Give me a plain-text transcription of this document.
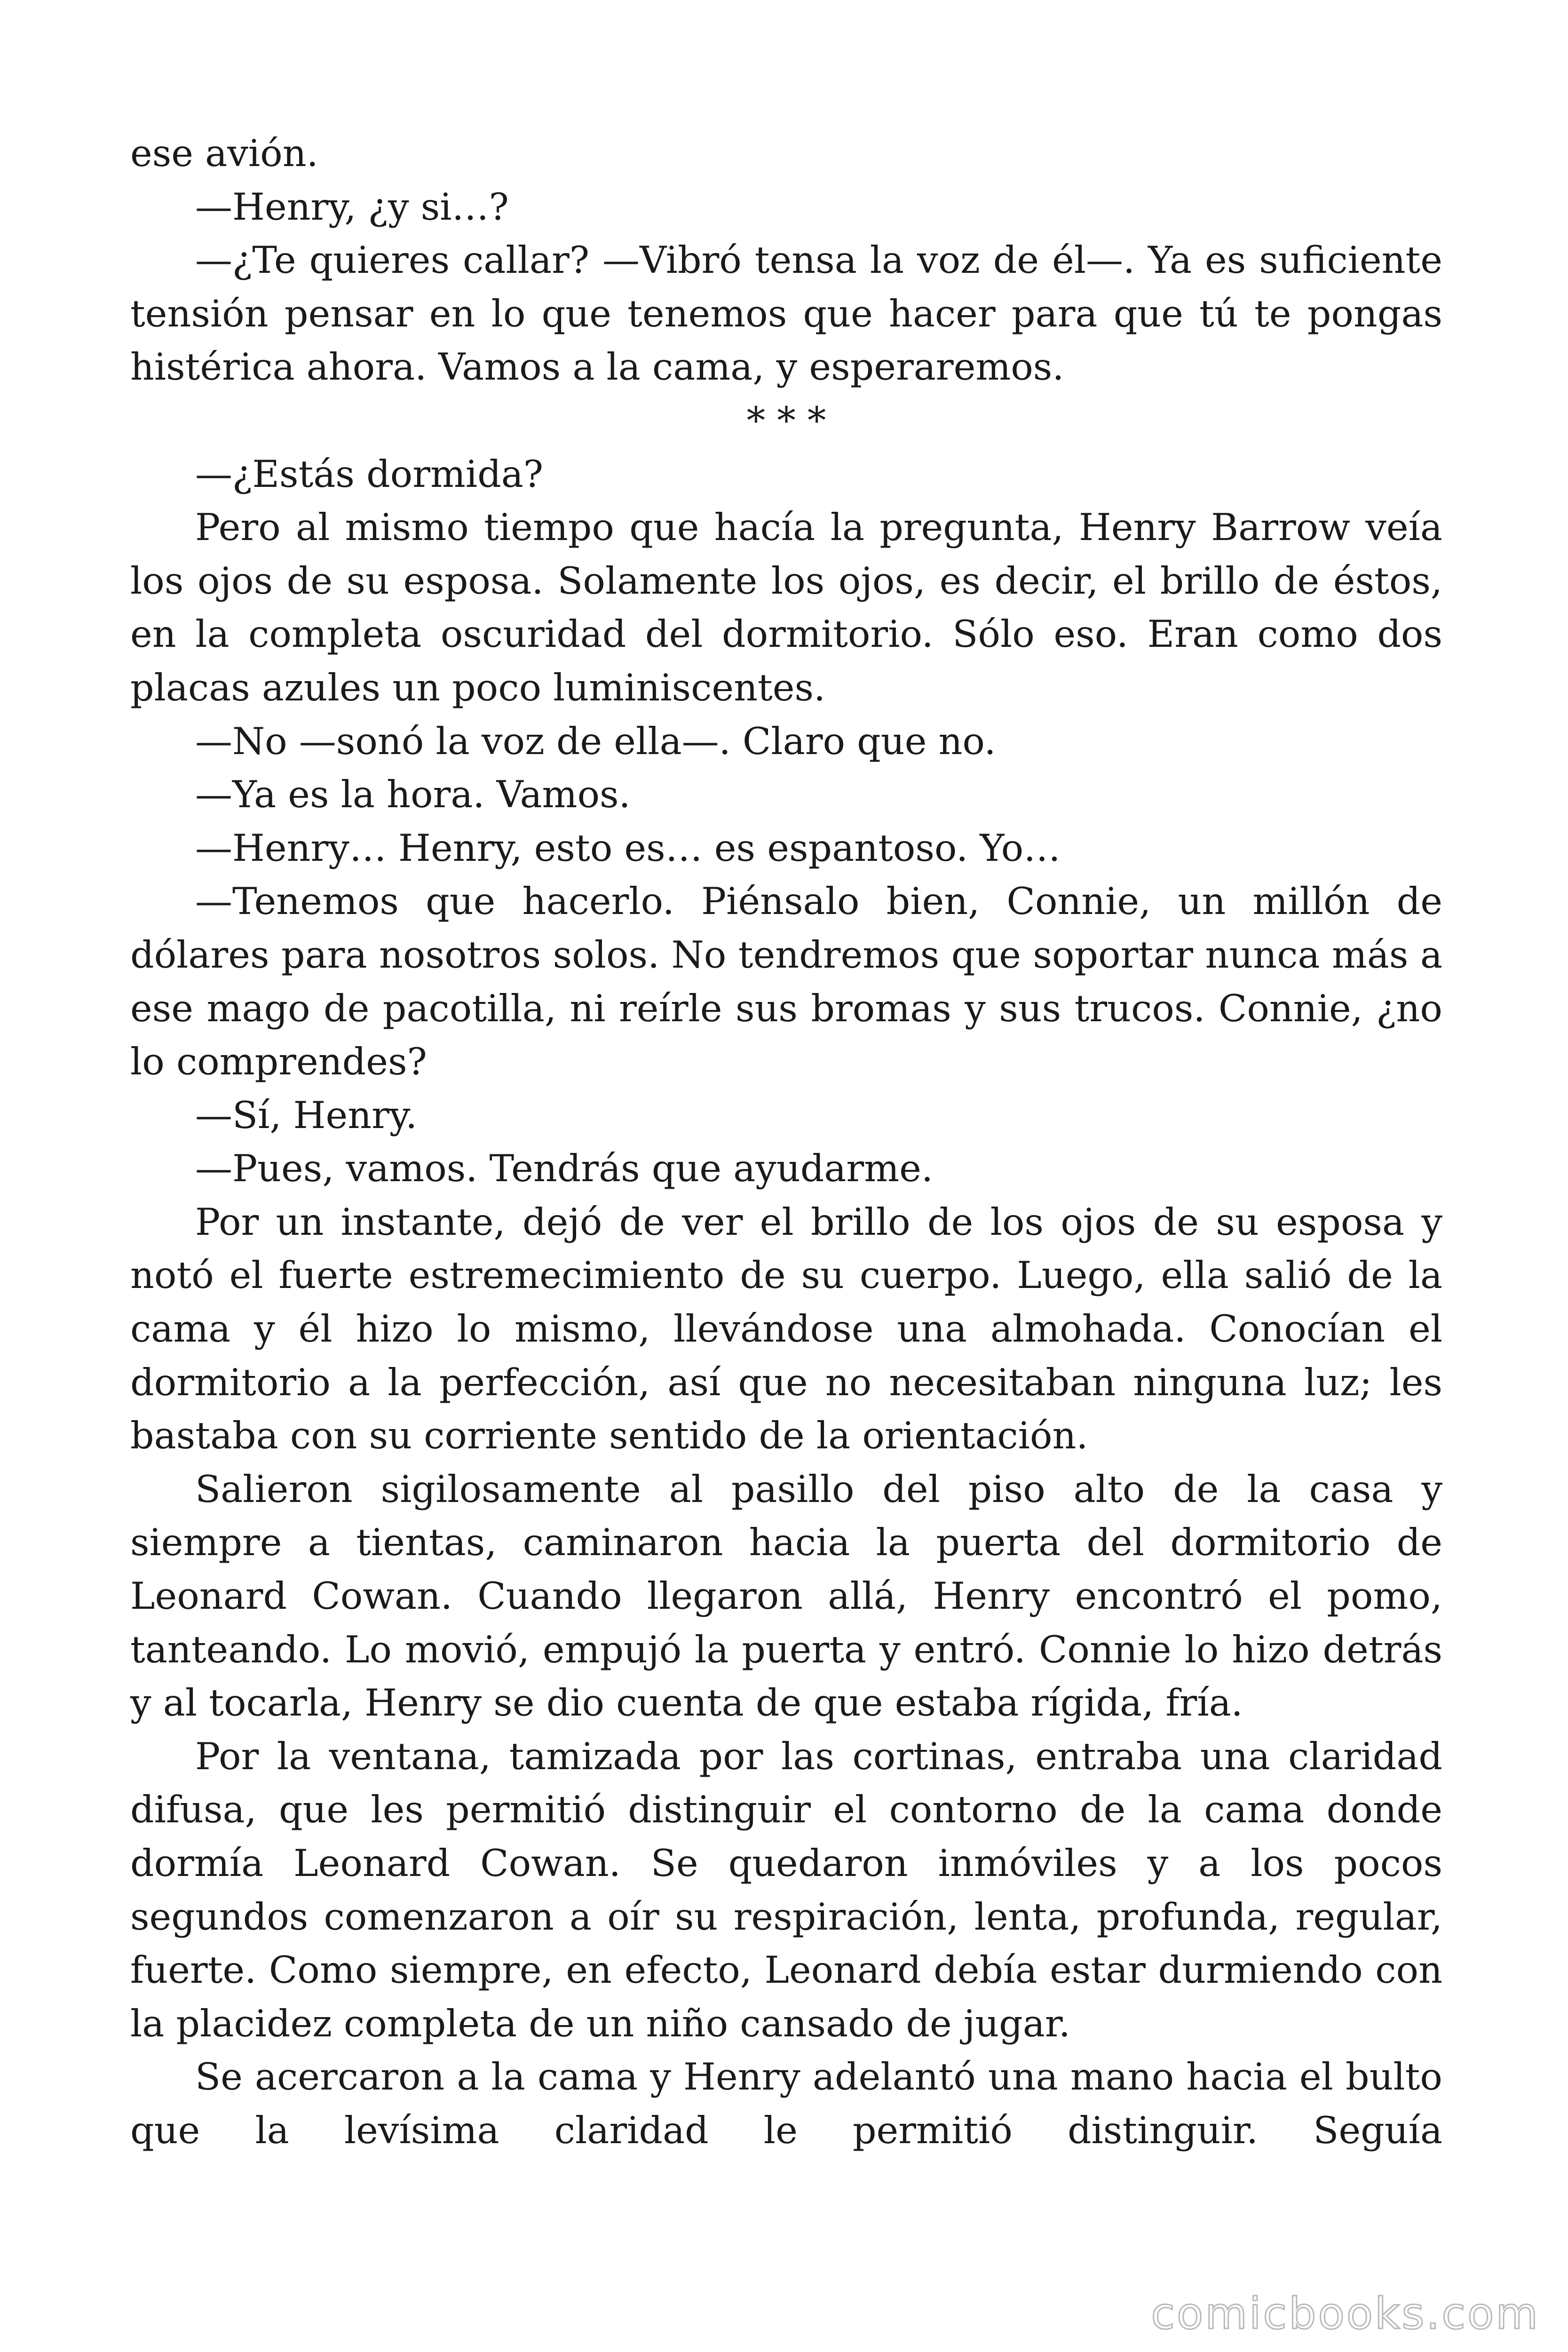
ese avión.

—Henry, ¿y si…?

—¿Te quieres callar? —Vibró tensa la voz de él—. Ya es suficiente tensión pensar en lo que tenemos que hacer para que tú te pongas histérica ahora. Vamos a la cama, y esperaremos.

* * *

—¿Estás dormida?

Pero al mismo tiempo que hacía la pregunta, Henry Barrow veía los ojos de su esposa. Solamente los ojos, es decir, el brillo de éstos, en la completa oscuridad del dormitorio. Sólo eso. Eran como dos placas azules un poco luminiscentes.

—No —sonó la voz de ella—. Claro que no.

—Ya es la hora. Vamos.

—Henry… Henry, esto es… es espantoso. Yo…

—Tenemos que hacerlo. Piénsalo bien, Connie, un millón de dólares para nosotros solos. No tendremos que soportar nunca más a ese mago de pacotilla, ni reírle sus bromas y sus trucos. Connie, ¿no lo comprendes?

—Sí, Henry.

—Pues, vamos. Tendrás que ayudarme.

Por un instante, dejó de ver el brillo de los ojos de su esposa y notó el fuerte estremecimiento de su cuerpo. Luego, ella salió de la cama y él hizo lo mismo, llevándose una almohada. Conocían el dormitorio a la perfección, así que no necesitaban ninguna luz; les bastaba con su corriente sentido de la orientación.

Salieron sigilosamente al pasillo del piso alto de la casa y siempre a tientas, caminaron hacia la puerta del dormitorio de Leonard Cowan. Cuando llegaron allá, Henry encontró el pomo, tanteando. Lo movió, empujó la puerta y entró. Connie lo hizo detrás y al tocarla, Henry se dio cuenta de que estaba rígida, fría.

Por la ventana, tamizada por las cortinas, entraba una claridad difusa, que les permitió distinguir el contorno de la cama donde dormía Leonard Cowan. Se quedaron inmóviles y a los pocos segundos comenzaron a oír su respiración, lenta, profunda, regular, fuerte. Como siempre, en efecto, Leonard debía estar durmiendo con la placidez completa de un niño cansado de jugar.

Se acercaron a la cama y Henry adelantó una mano hacia el bulto que la levísima claridad le permitió distinguir. Seguía

comicbooks.com
